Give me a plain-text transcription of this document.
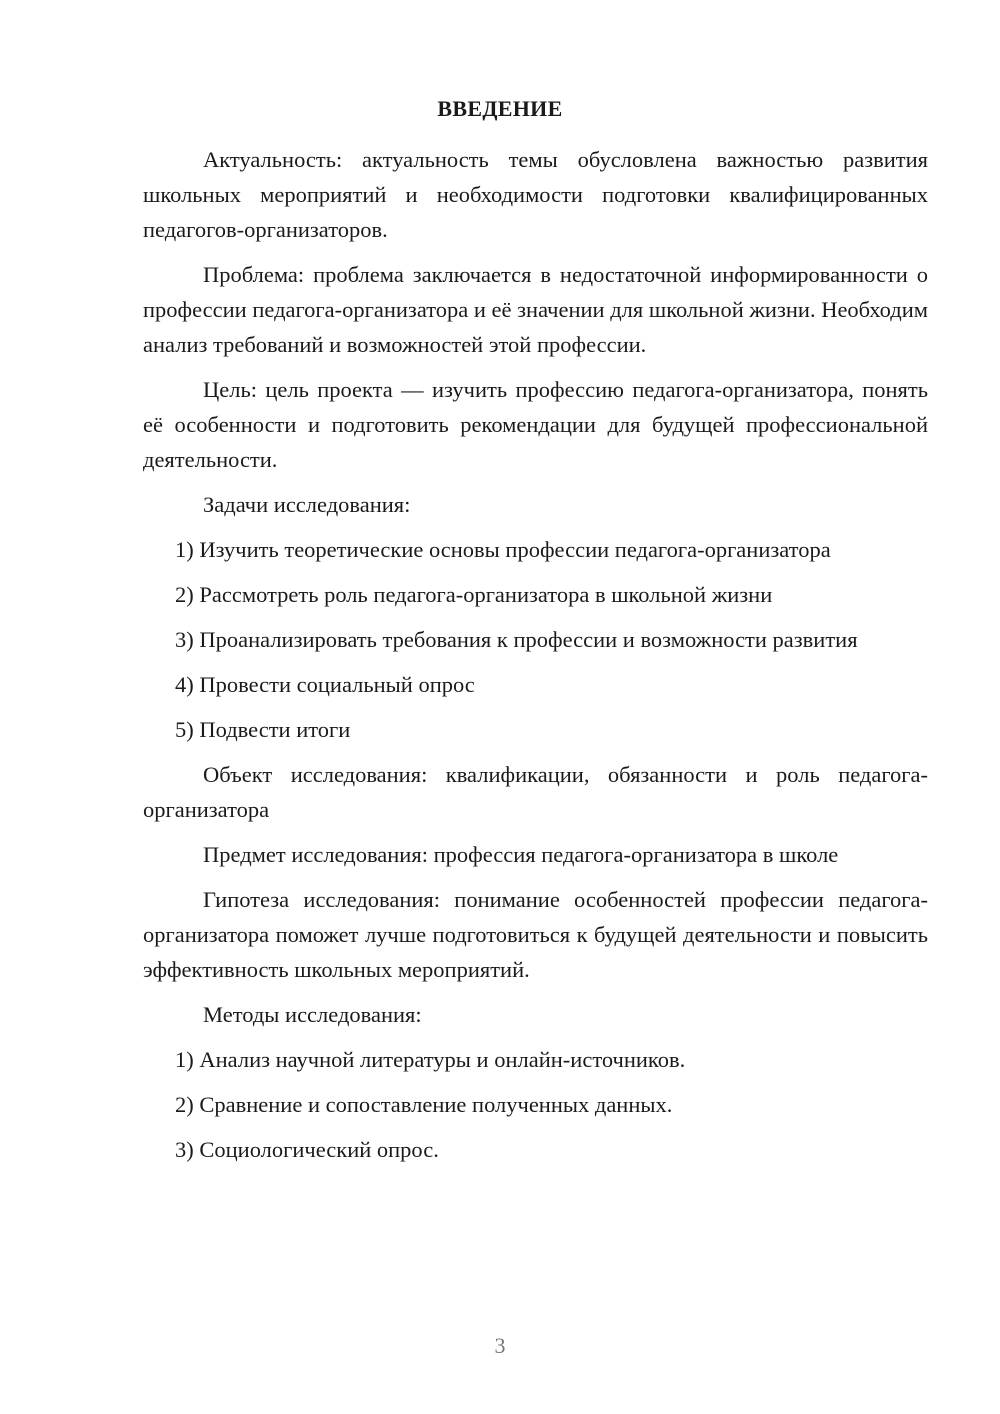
ВВЕДЕНИЕ

Актуальность: актуальность темы обусловлена важностью развития школьных мероприятий и необходимости подготовки квалифицированных педагогов-организаторов.

Проблема: проблема заключается в недостаточной информированности о профессии педагога-организатора и её значении для школьной жизни. Необходим анализ требований и возможностей этой профессии.

Цель: цель проекта — изучить профессию педагога-организатора, понять её особенности и подготовить рекомендации для будущей профессиональной деятельности.

Задачи исследования:

1) Изучить теоретические основы профессии педагога-организатора

2) Рассмотреть роль педагога-организатора в школьной жизни

3) Проанализировать требования к профессии и возможности развития

4) Провести социальный опрос

5) Подвести итоги

Объект исследования: квалификации, обязанности и роль педагога-организатора

Предмет исследования: профессия педагога-организатора в школе

Гипотеза исследования: понимание особенностей профессии педагога-организатора поможет лучше подготовиться к будущей деятельности и повысить эффективность школьных мероприятий.

Методы исследования:

1) Анализ научной литературы и онлайн-источников.

2) Сравнение и сопоставление полученных данных.

3) Социологический опрос.

3
